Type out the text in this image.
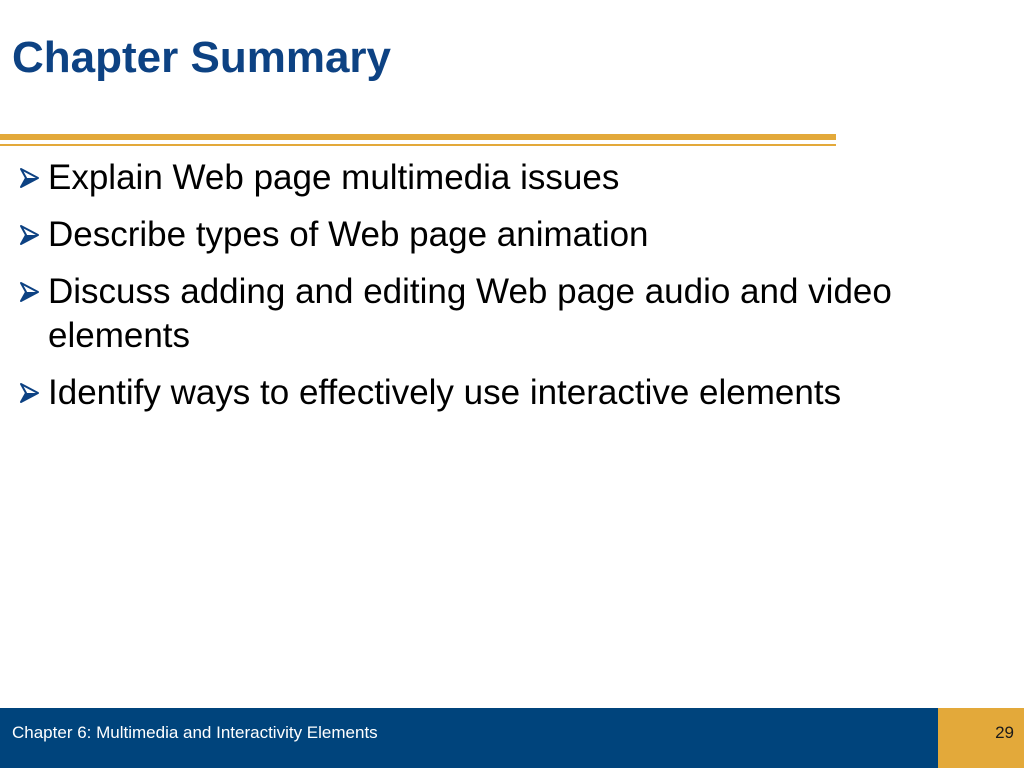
Chapter Summary
Explain Web page multimedia issues
Describe types of Web page animation
Discuss adding and editing Web page audio and video elements
Identify ways to effectively use interactive elements
Chapter 6: Multimedia and Interactivity Elements	29
